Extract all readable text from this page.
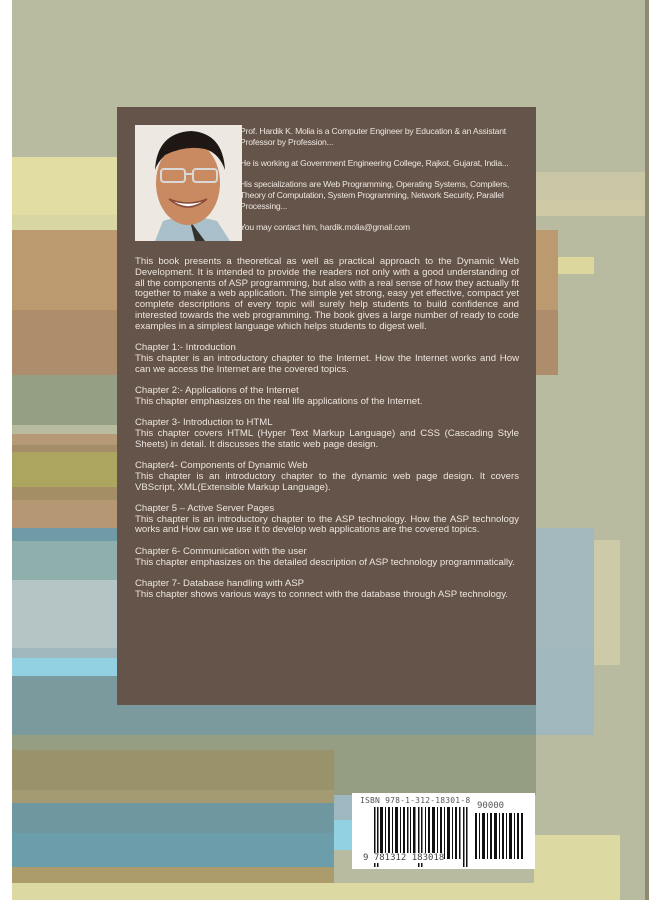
Prof. Hardik K. Molia is a Computer Engineer by Education & an Assistant Professor by Profession...

He is working at Government Engineering College, Rajkot, Gujarat, India...

His specializations are Web Programming, Operating Systems, Compilers, Theory of Computation, System Programming, Network Security, Parallel Processing...

You may contact him, hardik.molia@gmail.com

This book presents a theoretical as well as practical approach to the Dynamic Web Development. It is intended to provide the readers not only with a good understanding of all the components of ASP programming, but also with a real sense of how they actually fit together to make a web application. The simple yet strong, easy yet effective, compact yet complete descriptions of every topic will surely help students to build confidence and interested towards the web programming. The book gives a large number of ready to code examples in a simplest language which helps students to digest well.

Chapter 1:- Introduction
This chapter is an introductory chapter to the Internet. How the Internet works and How can we access the Internet are the covered topics.

Chapter 2:- Applications of the Internet
This chapter emphasizes on the real life applications of the Internet.

Chapter 3- Introduction to HTML
This chapter covers HTML (Hyper Text Markup Language) and CSS (Cascading Style Sheets) in detail. It discusses the static web page design.

Chapter4- Components of Dynamic Web
This chapter is an introductory chapter to the dynamic web page design. It covers VBScript, XML(Extensible Markup Language).

Chapter 5 – Active Server Pages
This chapter is an introductory chapter to the ASP technology. How the ASP technology works and How can we use it to develop web applications are the covered topics.

Chapter 6- Communication with the user
This chapter emphasizes on the detailed description of ASP technology programmatically.

Chapter 7- Database handling with ASP
This chapter shows various ways to connect with the database through ASP technology.

ISBN 978-1-312-18301-8
90000
9 781312 183018
